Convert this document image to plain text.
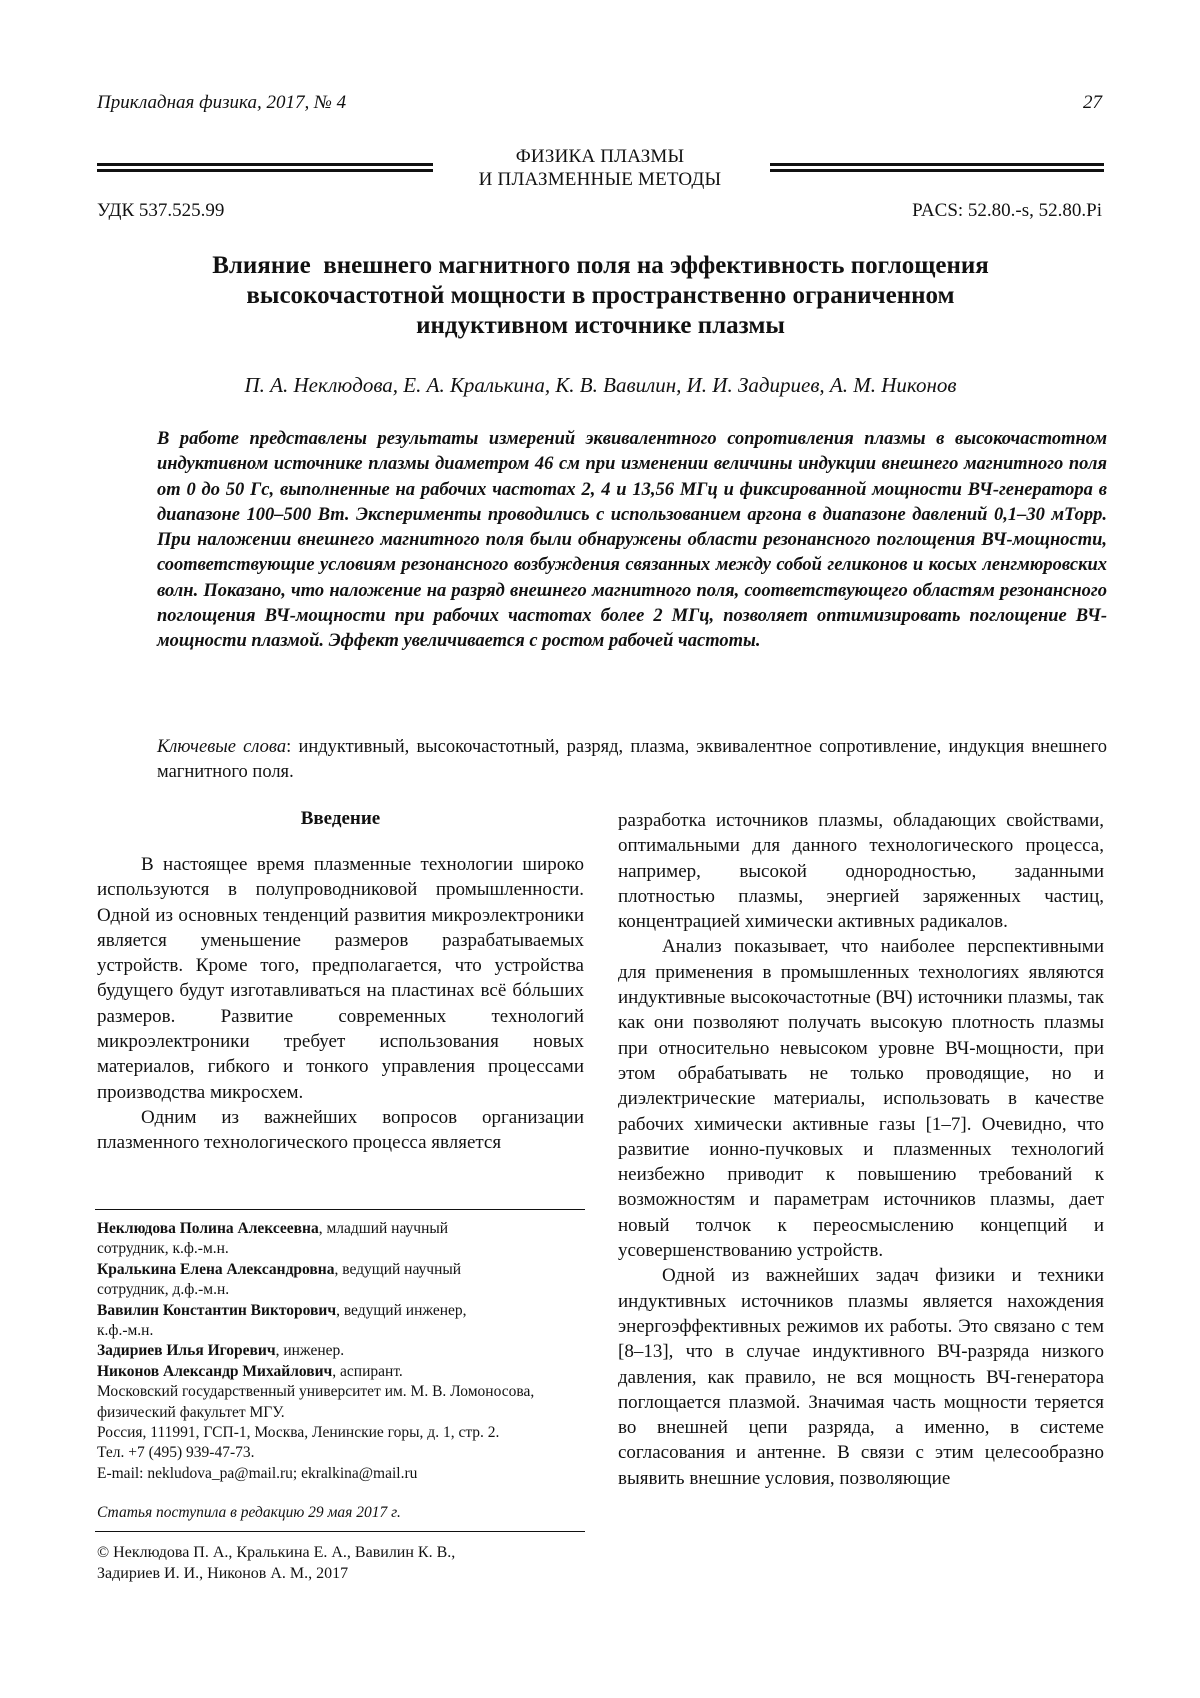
Прикладная физика, 2017, № 4	27
ФИЗИКА ПЛАЗМЫ
И ПЛАЗМЕННЫЕ МЕТОДЫ
УДК 537.525.99	PACS: 52.80.-s, 52.80.Pi
Влияние  внешнего магнитного поля на эффективность поглощения
высокочастотной мощности в пространственно ограниченном
индуктивном источнике плазмы
П. А. Неклюдова, Е. А. Кралькина, К. В. Вавилин, И. И. Задириев, А. М. Никонов

В работе представлены результаты измерений эквивалентного сопротивления плазмы в высокочастотном индуктивном источнике плазмы диаметром 46 см при изменении величины индукции внешнего магнитного поля от 0 до 50 Гс, выполненные на рабочих частотах 2, 4 и 13,56 МГц и фиксированной мощности ВЧ-генератора в диапазоне 100–500 Вт. Эксперименты проводились с использованием аргона в диапазоне давлений 0,1–30 мТорр. При наложении внешнего магнитного поля были обнаружены области резонансного поглощения ВЧ-мощности, соответствующие условиям резонансного возбуждения связанных между собой геликонов и косых ленгмюровских волн. Показано, что наложение на разряд внешнего магнитного поля, соответствующего областям резонансного поглощения ВЧ-мощности при рабочих частотах более 2 МГц, позволяет оптимизировать поглощение ВЧ-мощности плазмой. Эффект увеличивается с ростом рабочей частоты.

Ключевые слова: индуктивный, высокочастотный, разряд, плазма, эквивалентное сопротивление, индукция внешнего магнитного поля.
Введение

В настоящее время плазменные технологии широко используются в полупроводниковой промышленности. Одной из основных тенденций развития микроэлектроники является уменьшение размеров разрабатываемых устройств. Кроме того, предполагается, что устройства будущего будут изготавливаться на пластинах всё бóльших размеров. Развитие современных технологий микроэлектроники требует использования новых материалов, гибкого и тонкого управления процессами производства микросхем.

Одним из важнейших вопросов организации плазменного технологического процесса является

разработка источников плазмы, обладающих свойствами, оптимальными для данного технологического процесса, например, высокой однородностью, заданными плотностью плазмы, энергией заряженных частиц, концентрацией химически активных радикалов.

Анализ показывает, что наиболее перспективными для применения в промышленных технологиях являются индуктивные высокочастотные (ВЧ) источники плазмы, так как они позволяют получать высокую плотность плазмы при относительно невысоком уровне ВЧ-мощности, при этом обрабатывать не только проводящие, но и диэлектрические материалы, использовать в качестве рабочих химически активные газы [1–7]. Очевидно, что развитие ионно-пучковых и плазменных технологий неизбежно приводит к повышению требований к возможностям и параметрам источников плазмы, дает новый толчок к переосмыслению концепций и усовершенствованию устройств.

Одной из важнейших задач физики и техники индуктивных источников плазмы является нахождения энергоэффективных режимов их работы. Это связано с тем [8–13], что в случае индуктивного ВЧ-разряда низкого давления, как правило, не вся мощность ВЧ-генератора поглощается плазмой. Значимая часть мощности теряется во внешней цепи разряда, а именно, в системе согласования и антенне. В связи с этим целесообразно выявить внешние условия, позволяющие

Неклюдова Полина Алексеевна, младший научный
сотрудник, к.ф.-м.н.
Кралькина Елена Александровна, ведущий научный
сотрудник, д.ф.-м.н.
Вавилин Константин Викторович, ведущий инженер,
к.ф.-м.н.
Задириев Илья Игоревич, инженер.
Никонов Александр Михайлович, аспирант.
Московский государственный университет им. М. В. Ломоносова,
физический факультет МГУ.
Россия, 111991, ГСП-1, Москва, Ленинские горы, д. 1, стр. 2.
Тел. +7 (495) 939-47-73.
E-mail: nekludova_pa@mail.ru; ekralkina@mail.ru
Статья поступила в редакцию 29 мая 2017 г.
© Неклюдова П. А., Кралькина Е. А., Вавилин К. В.,
Задириев И. И., Никонов А. М., 2017
